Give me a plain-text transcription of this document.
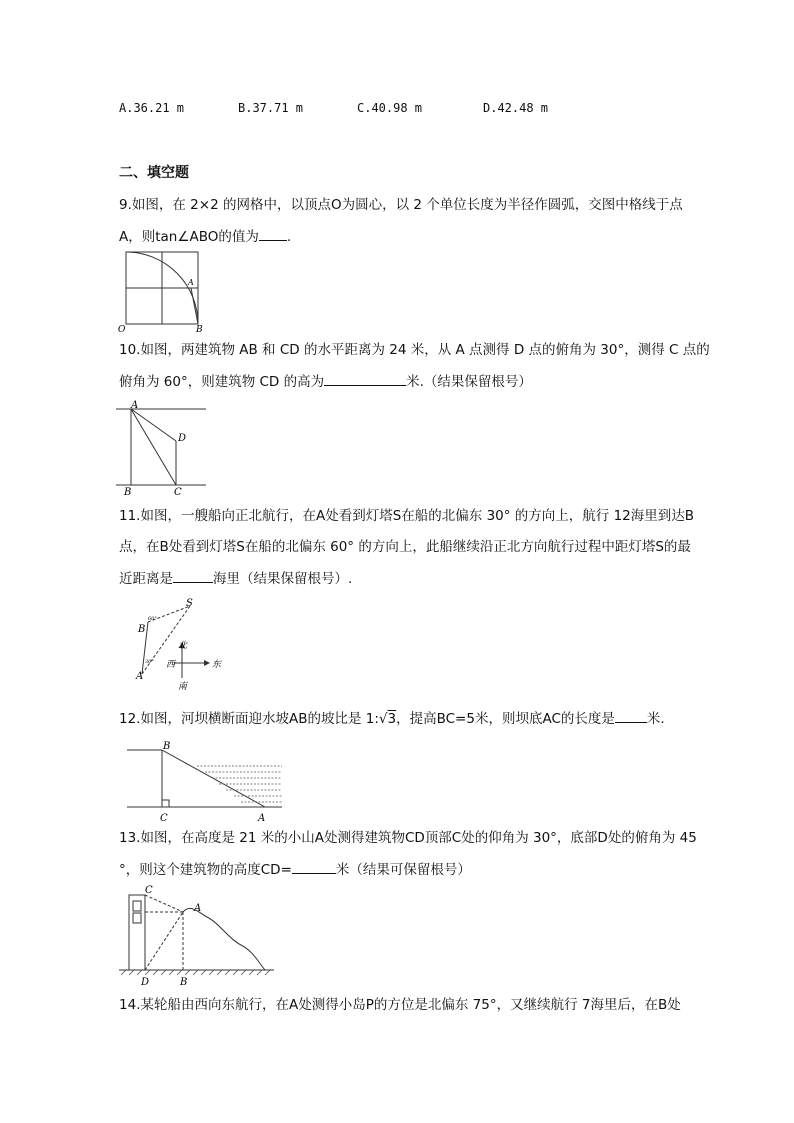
A.36.21 m	B.37.71 m	C.40.98 m	D.42.48 m
二、填空题
9.如图，在 2×2 的网格中，以顶点O为圆心，以 2 个单位长度为半径作圆弧，交图中格线于点
A，则tan∠ABO的值为 .
O	B
A
10.如图，两建筑物 AB 和 CD 的水平距离为 24 米，从 A 点测得 D 点的俯角为 30°，测得 C 点的
俯角为 60°，则建筑物 CD 的高为	米.（结果保留根号）
A
D
B	C
11.如图，一艘船向正北航行，在A处看到灯塔S在船的北偏东 30° 的方向上，航行 12海里到达B
点，在B处看到灯塔S在船的北偏东 60° 的方向上，此船继续沿正北方向航行过程中距灯塔S的最
近距离是	海里（结果保留根号）.
S
B
A
60°
30°
北
南
西	东
12.如图，河坝横断面迎水坡AB的坡比是 1:√3，提高BC=5米，则坝底AC的长度是 米.
B
C	A
13.如图，在高度是 21 米的小山A处测得建筑物CD顶部C处的仰角为 30°，底部D处的俯角为 45
°，则这个建筑物的高度CD=	米（结果可保留根号）
C
A
D	B
14.某轮船由西向东航行，在A处测得小岛P的方位是北偏东 75°，又继续航行 7海里后，在B处
